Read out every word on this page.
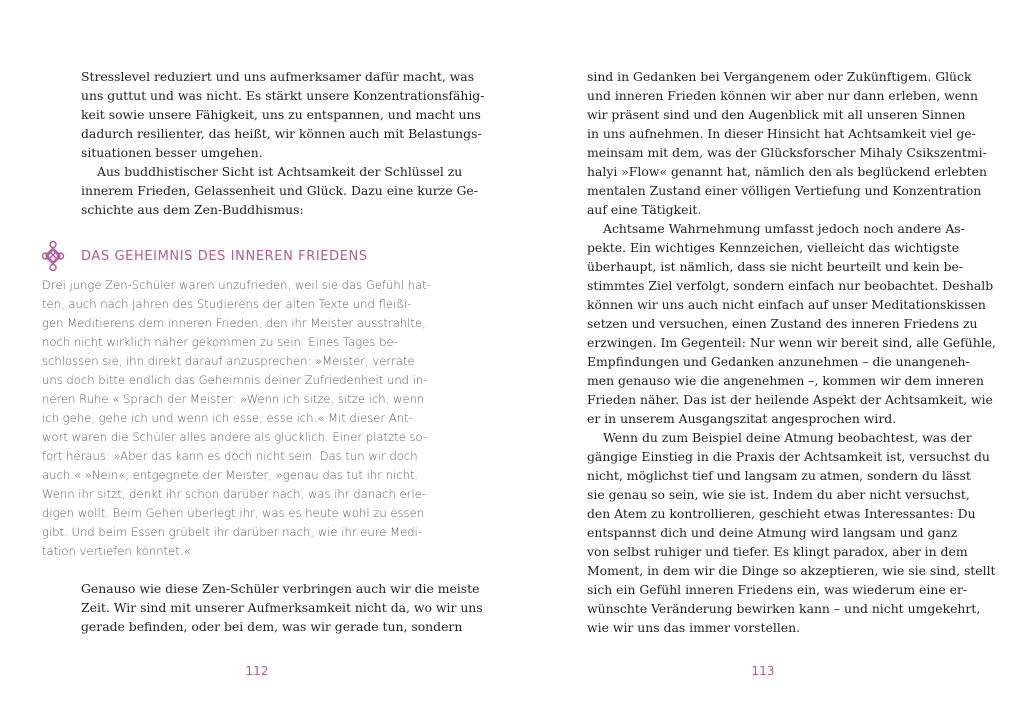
Stresslevel reduziert und uns aufmerksamer dafür macht, was
uns guttut und was nicht. Es stärkt unsere Konzentrationsfähig-
keit sowie unsere Fähigkeit, uns zu entspannen, und macht uns
dadurch resilienter, das heißt, wir können auch mit Belastungs-
situationen besser umgehen.
Aus buddhistischer Sicht ist Achtsamkeit der Schlüssel zu
innerem Frieden, Gelassenheit und Glück. Dazu eine kurze Ge-
schichte aus dem Zen-Buddhismus:
DAS GEHEIMNIS DES INNEREN FRIEDENS
Drei junge Zen-Schüler waren unzufrieden, weil sie das Gefühl hat-
ten, auch nach Jahren des Studierens der alten Texte und fleißi-
gen Meditierens dem inneren Frieden, den ihr Meister ausstrahlte,
noch nicht wirklich näher gekommen zu sein. Eines Tages be-
schlossen sie, ihn direkt darauf anzusprechen: »Meister, verrate
uns doch bitte endlich das Geheimnis deiner Zufriedenheit und in-
neren Ruhe.« Sprach der Meister: »Wenn ich sitze, sitze ich, wenn
ich gehe, gehe ich und wenn ich esse, esse ich.« Mit dieser Ant-
wort waren die Schüler alles andere als glücklich. Einer platzte so-
fort heraus: »Aber das kann es doch nicht sein. Das tun wir doch
auch.« »Nein«, entgegnete der Meister, »genau das tut ihr nicht.
Wenn ihr sitzt, denkt ihr schon darüber nach, was ihr danach erle-
digen wollt. Beim Gehen überlegt ihr, was es heute wohl zu essen
gibt. Und beim Essen grübelt ihr darüber nach, wie ihr eure Medi-
tation vertiefen könntet.«
Genauso wie diese Zen-Schüler verbringen auch wir die meiste
Zeit. Wir sind mit unserer Aufmerksamkeit nicht da, wo wir uns
gerade befinden, oder bei dem, was wir gerade tun, sondern
112
sind in Gedanken bei Vergangenem oder Zukünftigem. Glück
und inneren Frieden können wir aber nur dann erleben, wenn
wir präsent sind und den Augenblick mit all unseren Sinnen
in uns aufnehmen. In dieser Hinsicht hat Achtsamkeit viel ge-
meinsam mit dem, was der Glücksforscher Mihaly Csikszentmi-
halyi »Flow« genannt hat, nämlich den als beglückend erlebten
mentalen Zustand einer völligen Vertiefung und Konzentration
auf eine Tätigkeit.
Achtsame Wahrnehmung umfasst jedoch noch andere As-
pekte. Ein wichtiges Kennzeichen, vielleicht das wichtigste
überhaupt, ist nämlich, dass sie nicht beurteilt und kein be-
stimmtes Ziel verfolgt, sondern einfach nur beobachtet. Deshalb
können wir uns auch nicht einfach auf unser Meditationskissen
setzen und versuchen, einen Zustand des inneren Friedens zu
erzwingen. Im Gegenteil: Nur wenn wir bereit sind, alle Gefühle,
Empfindungen und Gedanken anzunehmen – die unangeneh-
men genauso wie die angenehmen –, kommen wir dem inneren
Frieden näher. Das ist der heilende Aspekt der Achtsamkeit, wie
er in unserem Ausgangszitat angesprochen wird.
Wenn du zum Beispiel deine Atmung beobachtest, was der
gängige Einstieg in die Praxis der Achtsamkeit ist, versuchst du
nicht, möglichst tief und langsam zu atmen, sondern du lässt
sie genau so sein, wie sie ist. Indem du aber nicht versuchst,
den Atem zu kontrollieren, geschieht etwas Interessantes: Du
entspannst dich und deine Atmung wird langsam und ganz
von selbst ruhiger und tiefer. Es klingt paradox, aber in dem
Moment, in dem wir die Dinge so akzeptieren, wie sie sind, stellt
sich ein Gefühl inneren Friedens ein, was wiederum eine er-
wünschte Veränderung bewirken kann – und nicht umgekehrt,
wie wir uns das immer vorstellen.
113
